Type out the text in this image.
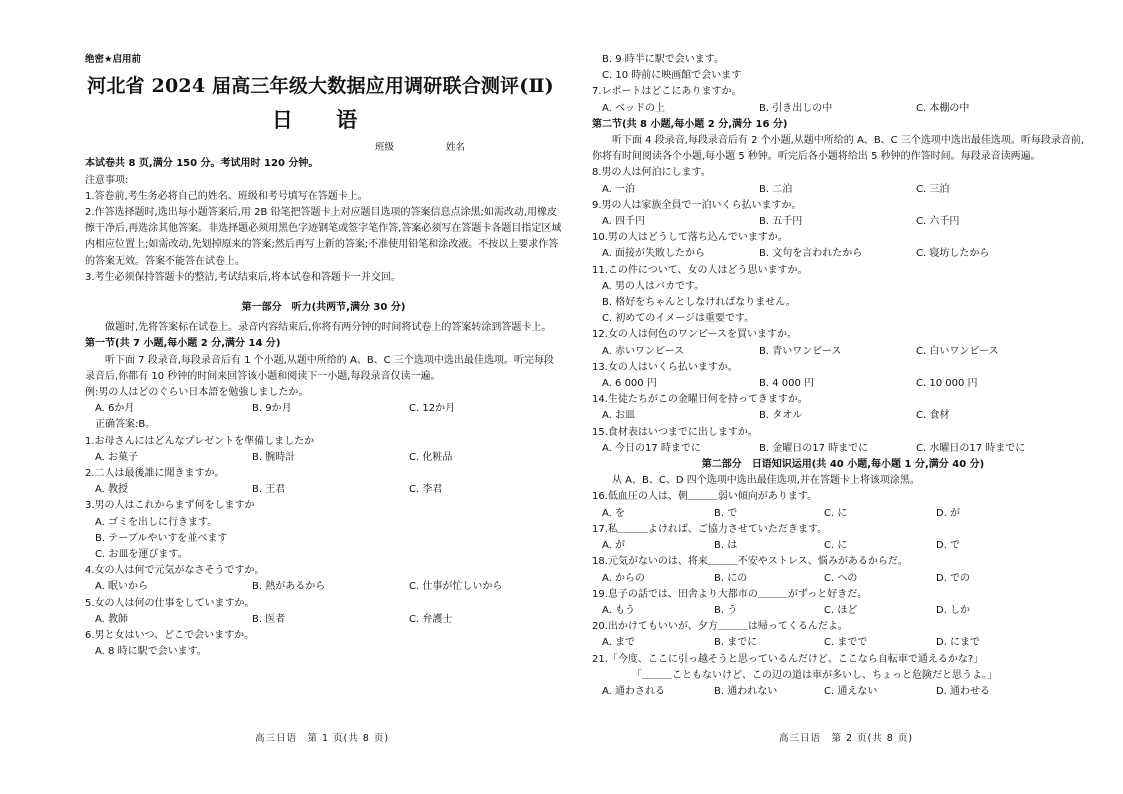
绝密★启用前
河北省 2024 届高三年级大数据应用调研联合测评(Ⅱ)
日 语
班级	姓名
本试卷共 8 页,满分 150 分。考试用时 120 分钟。
注意事项:
1.答卷前,考生务必将自己的姓名、班级和考号填写在答题卡上。
2.作答选择题时,选出每小题答案后,用 2B 铅笔把答题卡上对应题目选项的答案信息点涂黑;如需改动,用橡皮擦干净后,再选涂其他答案。非选择题必须用黑色字迹钢笔或签字笔作答,答案必须写在答题卡各题目指定区域内相应位置上;如需改动,先划掉原来的答案;然后再写上新的答案;不准使用铅笔和涂改液。不按以上要求作答的答案无效。答案不能答在试卷上。
3.考生必须保持答题卡的整洁,考试结束后,将本试卷和答题卡一并交回。
第一部分　听力(共两节,满分 30 分)
做题时,先将答案标在试卷上。录音内容结束后,你将有两分钟的时间将试卷上的答案转涂到答题卡上。
第一节(共 7 小题,每小题 2 分,满分 14 分)
听下面 7 段录音,每段录音后有 1 个小题,从题中所给的 A、B、C 三个选项中选出最佳选项。听完每段录音后,你都有 10 秒钟的时间来回答该小题和阅读下一小题,每段录音仅读一遍。
例:男の人はどのぐらい日本語を勉強しましたか。
A. 6か月	B. 9か月	C. 12か月
正确答案:B。
1.お母さんにはどんなプレゼントを準備しましたか
A. お菓子	B. 腕時計	C. 化粧品
2.二人は最後誰に聞きますか。
A. 教授	B. 王君	C. 李君
3.男の人はこれからまず何をしますか
A. ゴミを出しに行きます。
B. テーブルやいすを並べます
C. お皿を運びます。
4.女の人は何で元気がなさそうですか。
A. 眠いから	B. 熱があるから	C. 仕事が忙しいから
5.女の人は何の仕事をしていますか。
A. 教師	B. 医者	C. 弁護士
6.男と女はいつ、どこで会いますか。
A. 8 時に駅で会います。
高三日语　第 1 页(共 8 页)
B. 9 時半に駅で会います。
C. 10 時前に映画館で会います
7.レポートはどこにありますか。
A. ベッドの上	B. 引き出しの中	C. 本棚の中
第二节(共 8 小题,每小题 2 分,满分 16 分)
听下面 4 段录音,每段录音后有 2 个小题,从题中所给的 A、B、C 三个选项中选出最佳选项。听每段录音前,你将有时间阅读各个小题,每小题 5 秒钟。听完后各小题将给出 5 秒钟的作答时间。每段录音读两遍。
8.男の人は何泊にします。
A. 一泊	B. 二泊	C. 三泊
9.男の人は家族全員で一泊いくら払いますか。
A. 四千円	B. 五千円	C. 六千円
10.男の人はどうして落ち込んでいますか。
A. 面接が失敗したから	B. 文句を言われたから	C. 寝坊したから
11.この件について、女の人はどう思いますか。
A. 男の人はバカです。
B. 格好をちゃんとしなければなりません。
C. 初めてのイメージは重要です。
12.女の人は何色のワンピースを買いますか。
A. 赤いワンピース	B. 青いワンピース	C. 白いワンピース
13.女の人はいくら払いますか。
A. 6 000 円	B. 4 000 円	C. 10 000 円
14.生徒たちがこの金曜日何を持ってきますか。
A. お皿	B. タオル	C. 食材
15.食材表はいつまでに出しますか。
A. 今日の17 時までに	B. 金曜日の17 時までに	C. 水曜日の17 時までに
第二部分　日语知识运用(共 40 小题,每小题 1 分,满分 40 分)
从 A、B、C、D 四个选项中选出最佳选项,并在答题卡上将该项涂黑。
16.低血圧の人は、朝＿＿＿弱い傾向があります。
A. を	B. で	C. に	D. が
17.私＿＿＿よければ、ご協力させていただきます。
A. が	B. は	C. に	D. で
18.元気がないのは、将来＿＿＿不安やストレス、悩みがあるからだ。
A. からの	B. にの	C. への	D. での
19.息子の話では、田舎より大都市の＿＿＿がずっと好きだ。
A. もう	B. う	C. ほど	D. しか
20.出かけてもいいが、夕方＿＿＿は帰ってくるんだよ。
A. まで	B. までに	C. までで	D. にまで
21.「今度、ここに引っ越そうと思っているんだけど、ここなら自転車で通えるかな?」
「＿＿＿こともないけど、この辺の道は車が多いし、ちょっと危険だと思うよ。」
A. 通わされる	B. 通われない	C. 通えない	D. 通わせる
高三日语　第 2 页(共 8 页)
